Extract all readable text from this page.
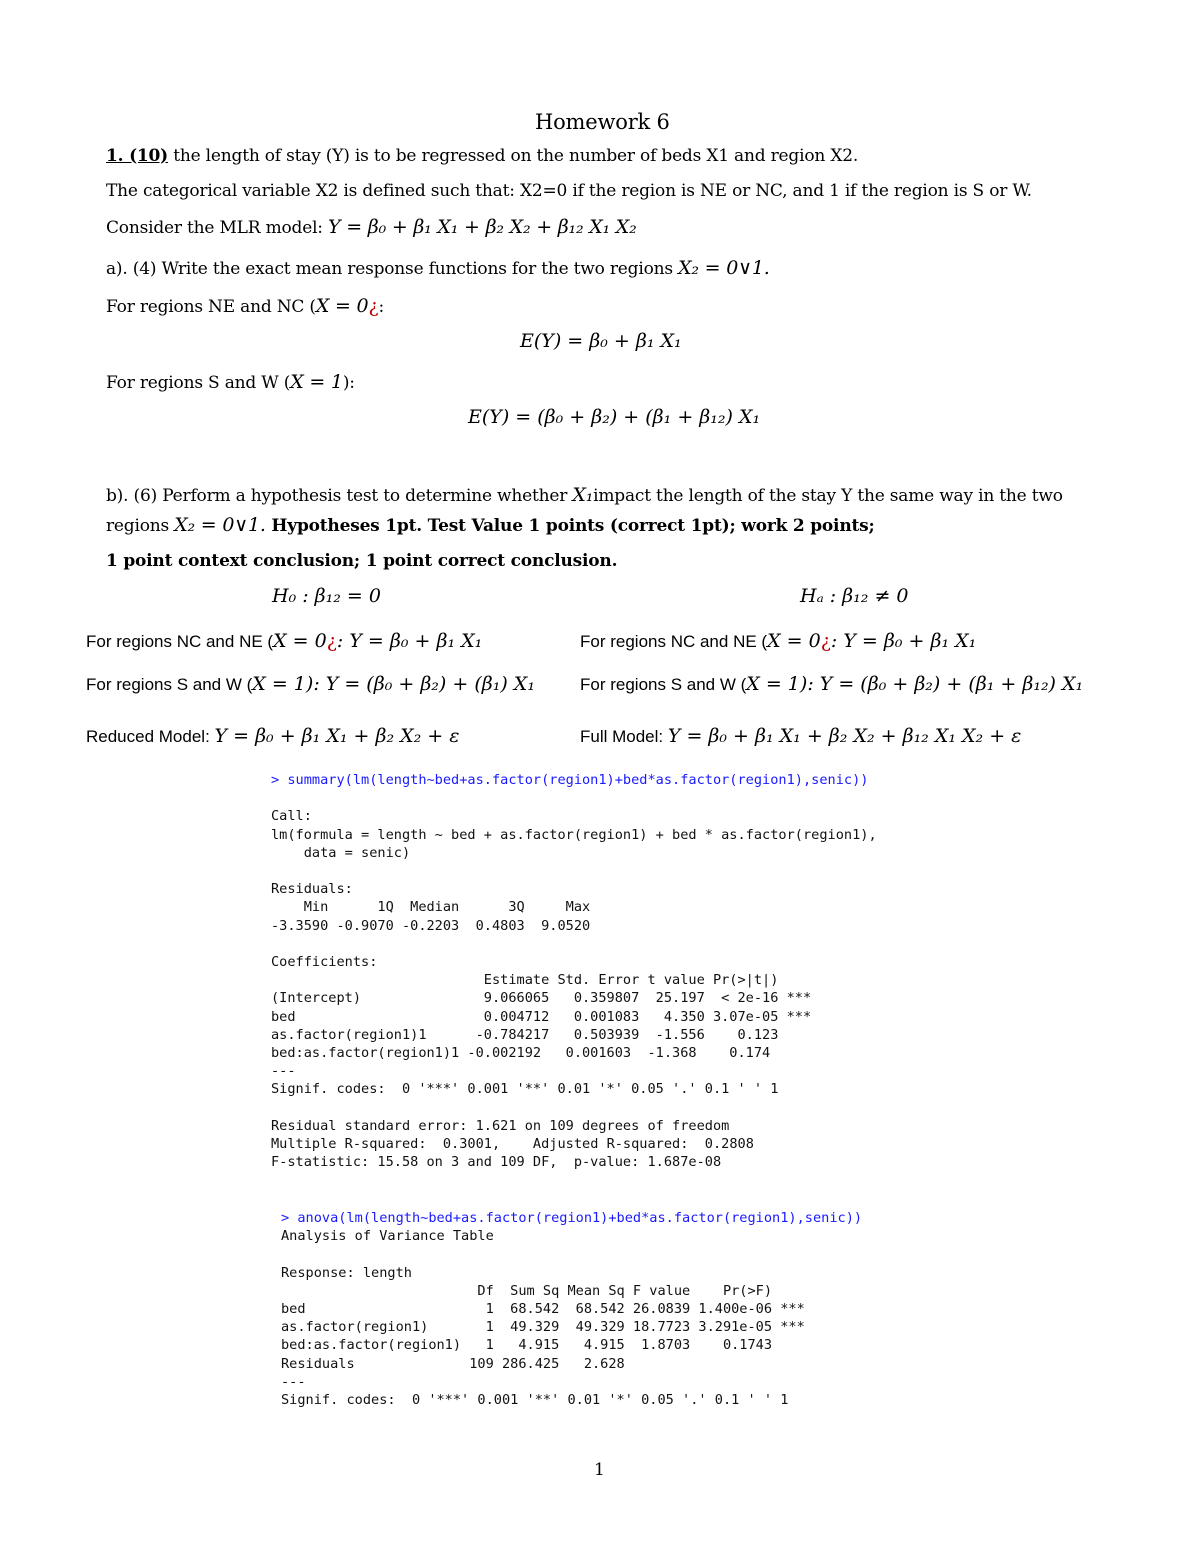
Homework 6
1. (10) the length of stay (Y) is to be regressed on the number of beds X1 and region X2.
The categorical variable X2 is defined such that: X2=0 if the region is NE or NC, and 1 if the region is S or W.
Consider the MLR model: Y = β₀ + β₁ X₁ + β₂ X₂ + β₁₂ X₁ X₂
a). (4) Write the exact mean response functions for the two regions X₂ = 0∨1.
For regions NE and NC (X = 0¿:
E(Y) = β₀ + β₁ X₁
For regions S and W (X = 1):
E(Y) = (β₀ + β₂) + (β₁ + β₁₂) X₁
b). (6) Perform a hypothesis test to determine whether X₁impact the length of the stay Y the same way in the two
regions X₂ = 0∨1. Hypotheses 1pt. Test Value 1 points (correct 1pt); work 2 points;
1 point context conclusion; 1 point correct conclusion.
H₀ : β₁₂ = 0	Hₐ : β₁₂ ≠ 0
For regions NC and NE (X = 0¿: Y = β₀ + β₁ X₁
For regions S and W (X = 1): Y = (β₀ + β₂) + (β₁) X₁
Reduced Model: Y = β₀ + β₁ X₁ + β₂ X₂ + ε
For regions NC and NE (X = 0¿: Y = β₀ + β₁ X₁
For regions S and W (X = 1): Y = (β₀ + β₂) + (β₁ + β₁₂) X₁
Full Model: Y = β₀ + β₁ X₁ + β₂ X₂ + β₁₂ X₁ X₂ + ε
> summary(lm(length~bed+as.factor(region1)+bed*as.factor(region1),senic))

Call:
lm(formula = length ~ bed + as.factor(region1) + bed * as.factor(region1),
data = senic)

Residuals:
Min      1Q  Median      3Q     Max
-3.3590 -0.9070 -0.2203  0.4803  9.0520

Coefficients:
Estimate Std. Error t value Pr(>|t|)
(Intercept)               9.066065   0.359807  25.197  < 2e-16 ***
bed                       0.004712   0.001083   4.350 3.07e-05 ***
as.factor(region1)1      -0.784217   0.503939  -1.556    0.123
bed:as.factor(region1)1 -0.002192   0.001603  -1.368    0.174
---
Signif. codes:  0 '***' 0.001 '**' 0.01 '*' 0.05 '.' 0.1 ' ' 1

Residual standard error: 1.621 on 109 degrees of freedom
Multiple R-squared:  0.3001,	Adjusted R-squared:  0.2808
F-statistic: 15.58 on 3 and 109 DF,  p-value: 1.687e-08
> anova(lm(length~bed+as.factor(region1)+bed*as.factor(region1),senic))
Analysis of Variance Table

Response: length
Df  Sum Sq Mean Sq F value    Pr(>F)
bed                      1  68.542  68.542 26.0839 1.400e-06 ***
as.factor(region1)       1  49.329  49.329 18.7723 3.291e-05 ***
bed:as.factor(region1)   1   4.915   4.915  1.8703    0.1743
Residuals              109 286.425   2.628
---
Signif. codes:  0 '***' 0.001 '**' 0.01 '*' 0.05 '.' 0.1 ' ' 1
1
